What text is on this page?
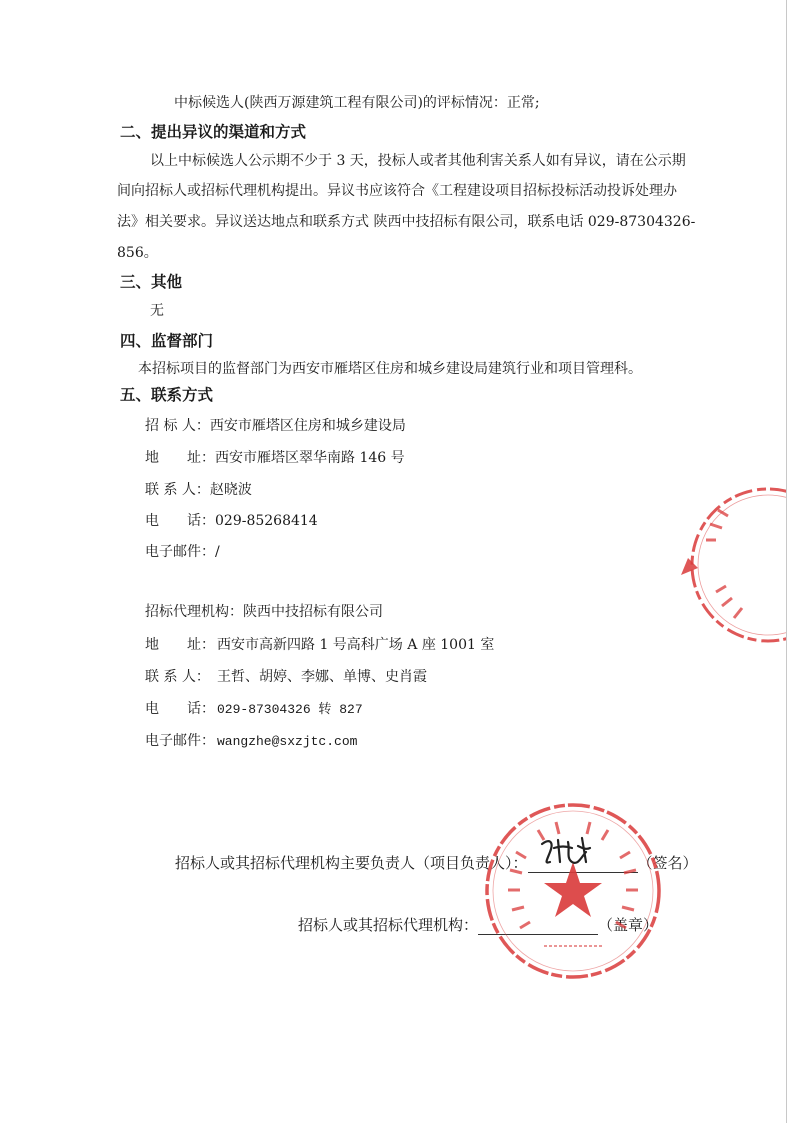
中标候选人(陕西万源建筑工程有限公司)的评标情况：正常;
二、提出异议的渠道和方式
以上中标候选人公示期不少于 3 天，投标人或者其他利害关系人如有异议，请在公示期
间向招标人或招标代理机构提出。异议书应该符合《工程建设项目招标投标活动投诉处理办
法》相关要求。异议送达地点和联系方式 陕西中技招标有限公司，联系电话 029-87304326-
856。
三、其他
无
四、监督部门
本招标项目的监督部门为西安市雁塔区住房和城乡建设局建筑行业和项目管理科。
五、联系方式
招 标 人：西安市雁塔区住房和城乡建设局
地　　址：西安市雁塔区翠华南路 146 号
联 系 人：赵晓波
电　　话：029-85268414
电子邮件：/
招标代理机构：陕西中技招标有限公司
地　　址： 西安市高新四路 1 号高科广场 A 座 1001 室
联 系 人： 王哲、胡婷、李娜、单博、史肖霞
电　　话： 029-87304326 转 827
电子邮件： wangzhe@sxzjtc.com
招标人或其招标代理机构主要负责人（项目负责人）：	（签名）
招标人或其招标代理机构：	（盖章）
